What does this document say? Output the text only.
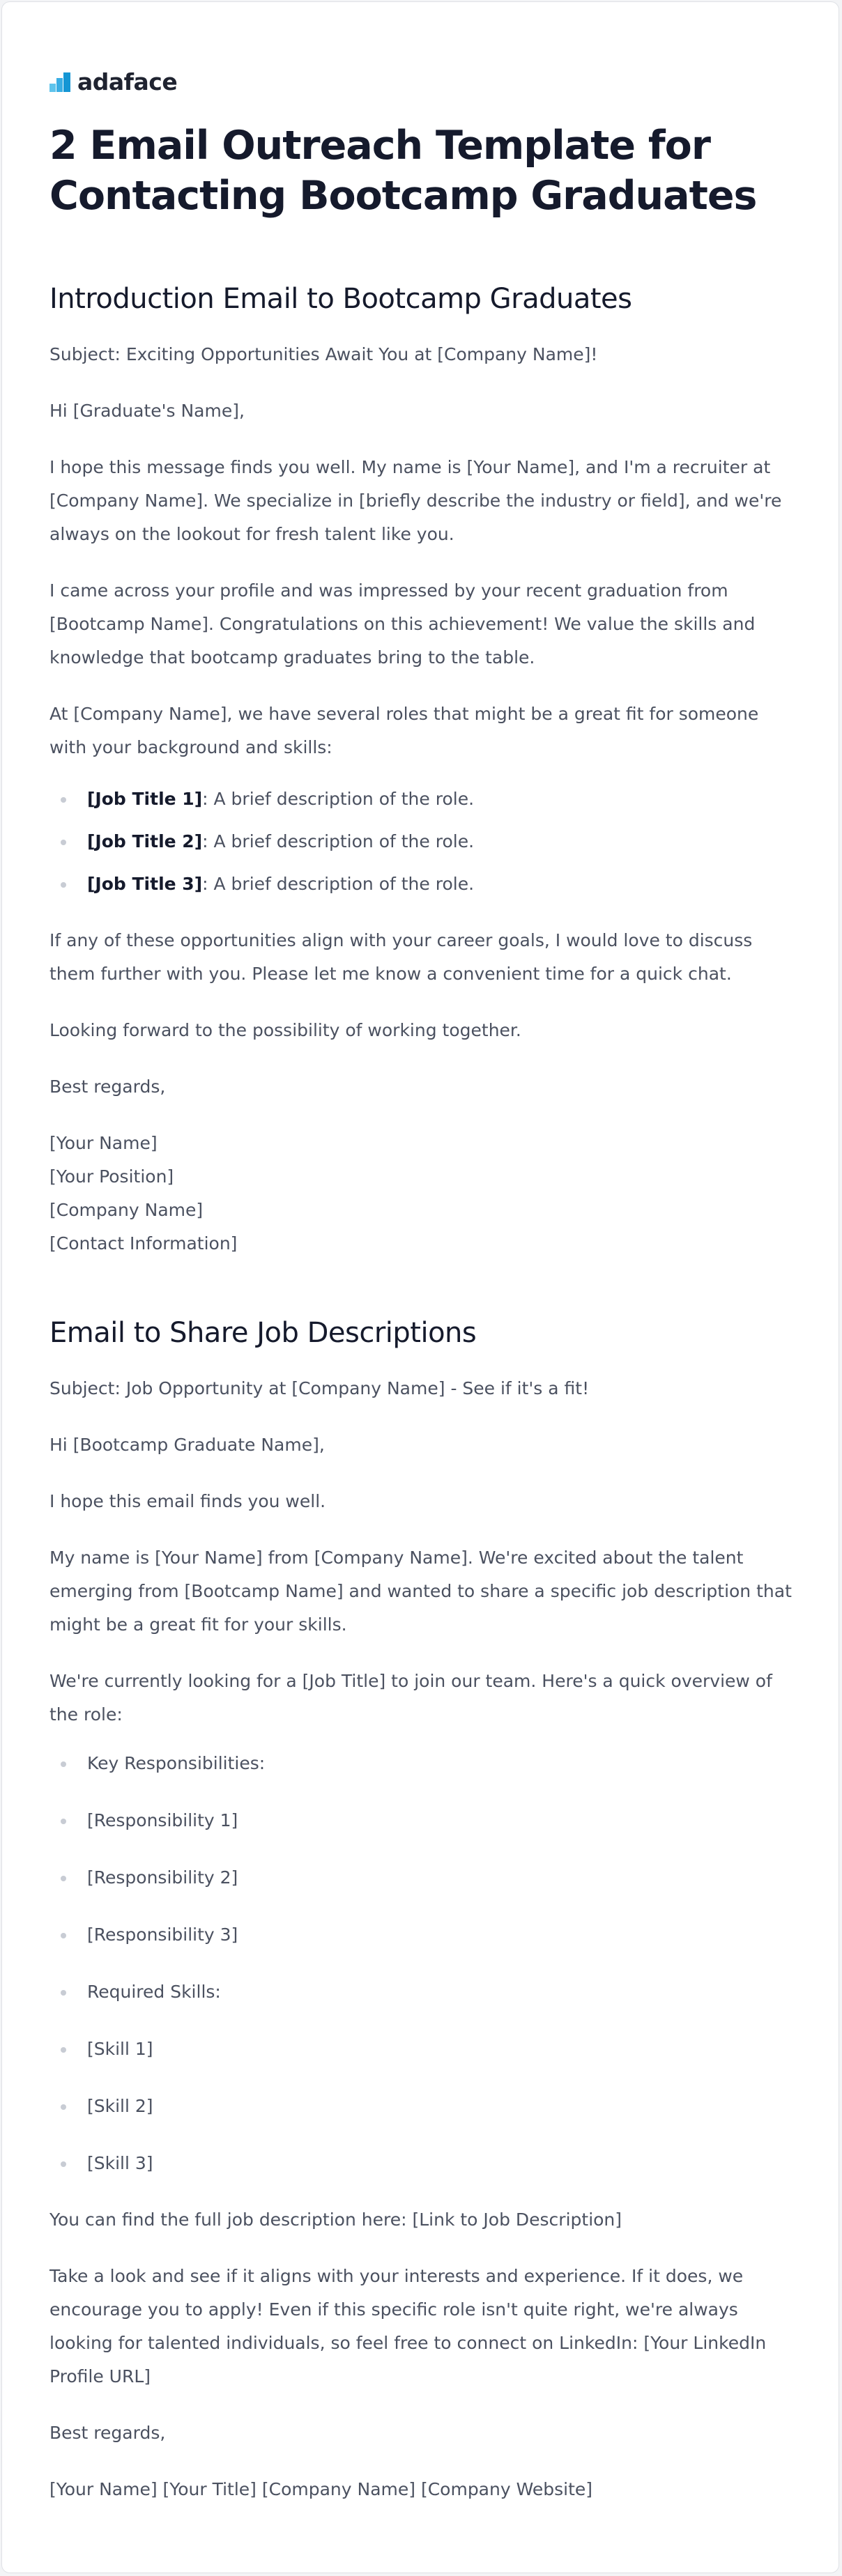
adaface
2 Email Outreach Template for Contacting Bootcamp Graduates
Introduction Email to Bootcamp Graduates

Subject: Exciting Opportunities Await You at [Company Name]!

Hi [Graduate's Name],

I hope this message finds you well. My name is [Your Name], and I'm a recruiter at [Company Name]. We specialize in [briefly describe the industry or field], and we're always on the lookout for fresh talent like you.

I came across your profile and was impressed by your recent graduation from [Bootcamp Name]. Congratulations on this achievement! We value the skills and knowledge that bootcamp graduates bring to the table.

At [Company Name], we have several roles that might be a great fit for someone with your background and skills:

[Job Title 1]: A brief description of the role.
[Job Title 2]: A brief description of the role.
[Job Title 3]: A brief description of the role.

If any of these opportunities align with your career goals, I would love to discuss them further with you. Please let me know a convenient time for a quick chat.

Looking forward to the possibility of working together.

Best regards,

[Your Name]
[Your Position]
[Company Name]
[Contact Information]
Email to Share Job Descriptions

Subject: Job Opportunity at [Company Name] - See if it's a fit!

Hi [Bootcamp Graduate Name],

I hope this email finds you well.

My name is [Your Name] from [Company Name]. We're excited about the talent emerging from [Bootcamp Name] and wanted to share a specific job description that might be a great fit for your skills.

We're currently looking for a [Job Title] to join our team. Here's a quick overview of the role:

Key Responsibilities:
[Responsibility 1]
[Responsibility 2]
[Responsibility 3]
Required Skills:
[Skill 1]
[Skill 2]
[Skill 3]

You can find the full job description here: [Link to Job Description]

Take a look and see if it aligns with your interests and experience. If it does, we encourage you to apply! Even if this specific role isn't quite right, we're always looking for talented individuals, so feel free to connect on LinkedIn: [Your LinkedIn Profile URL]

Best regards,

[Your Name] [Your Title] [Company Name] [Company Website]
